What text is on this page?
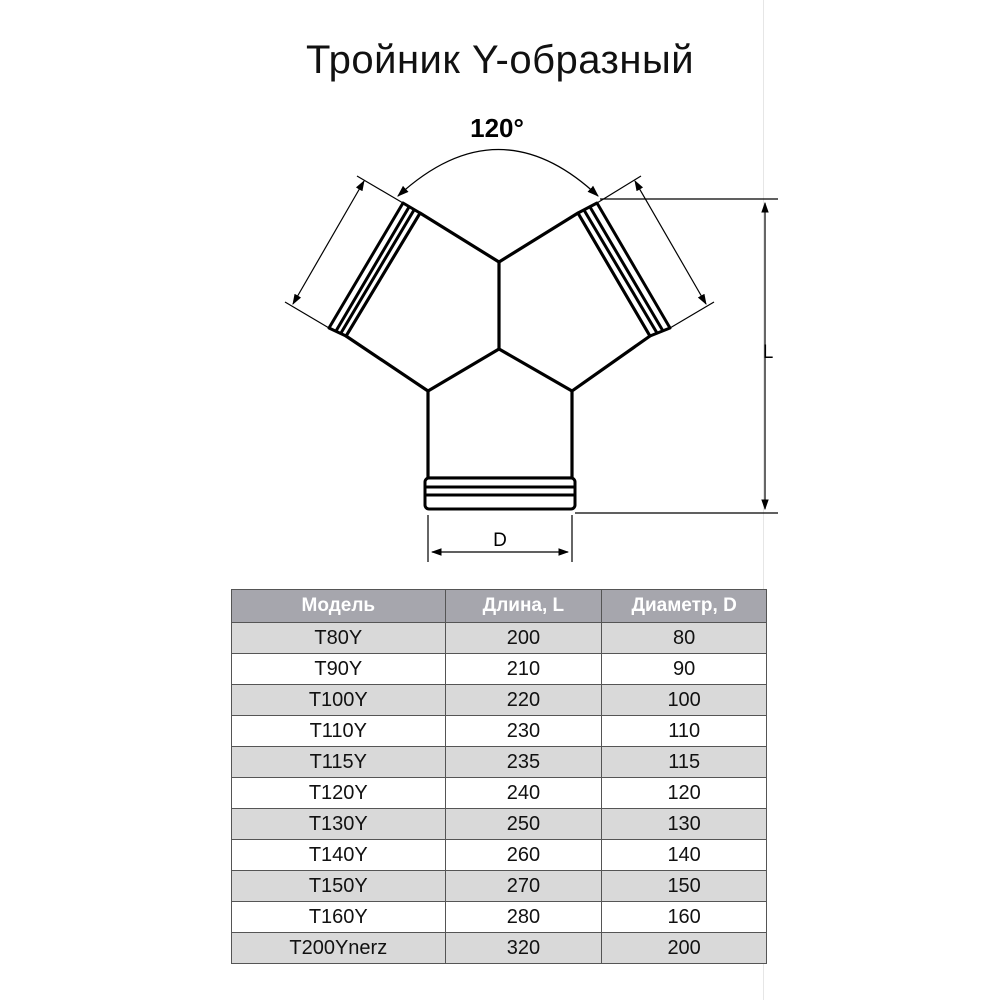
Тройник Y-образный
120°
L
D
Модель	Длина, L	Диаметр, D
T80Y	200	80
T90Y	210	90
T100Y	220	100
T110Y	230	110
T115Y	235	115
T120Y	240	120
T130Y	250	130
T140Y	260	140
T150Y	270	150
T160Y	280	160
T200Ynerz	320	200
